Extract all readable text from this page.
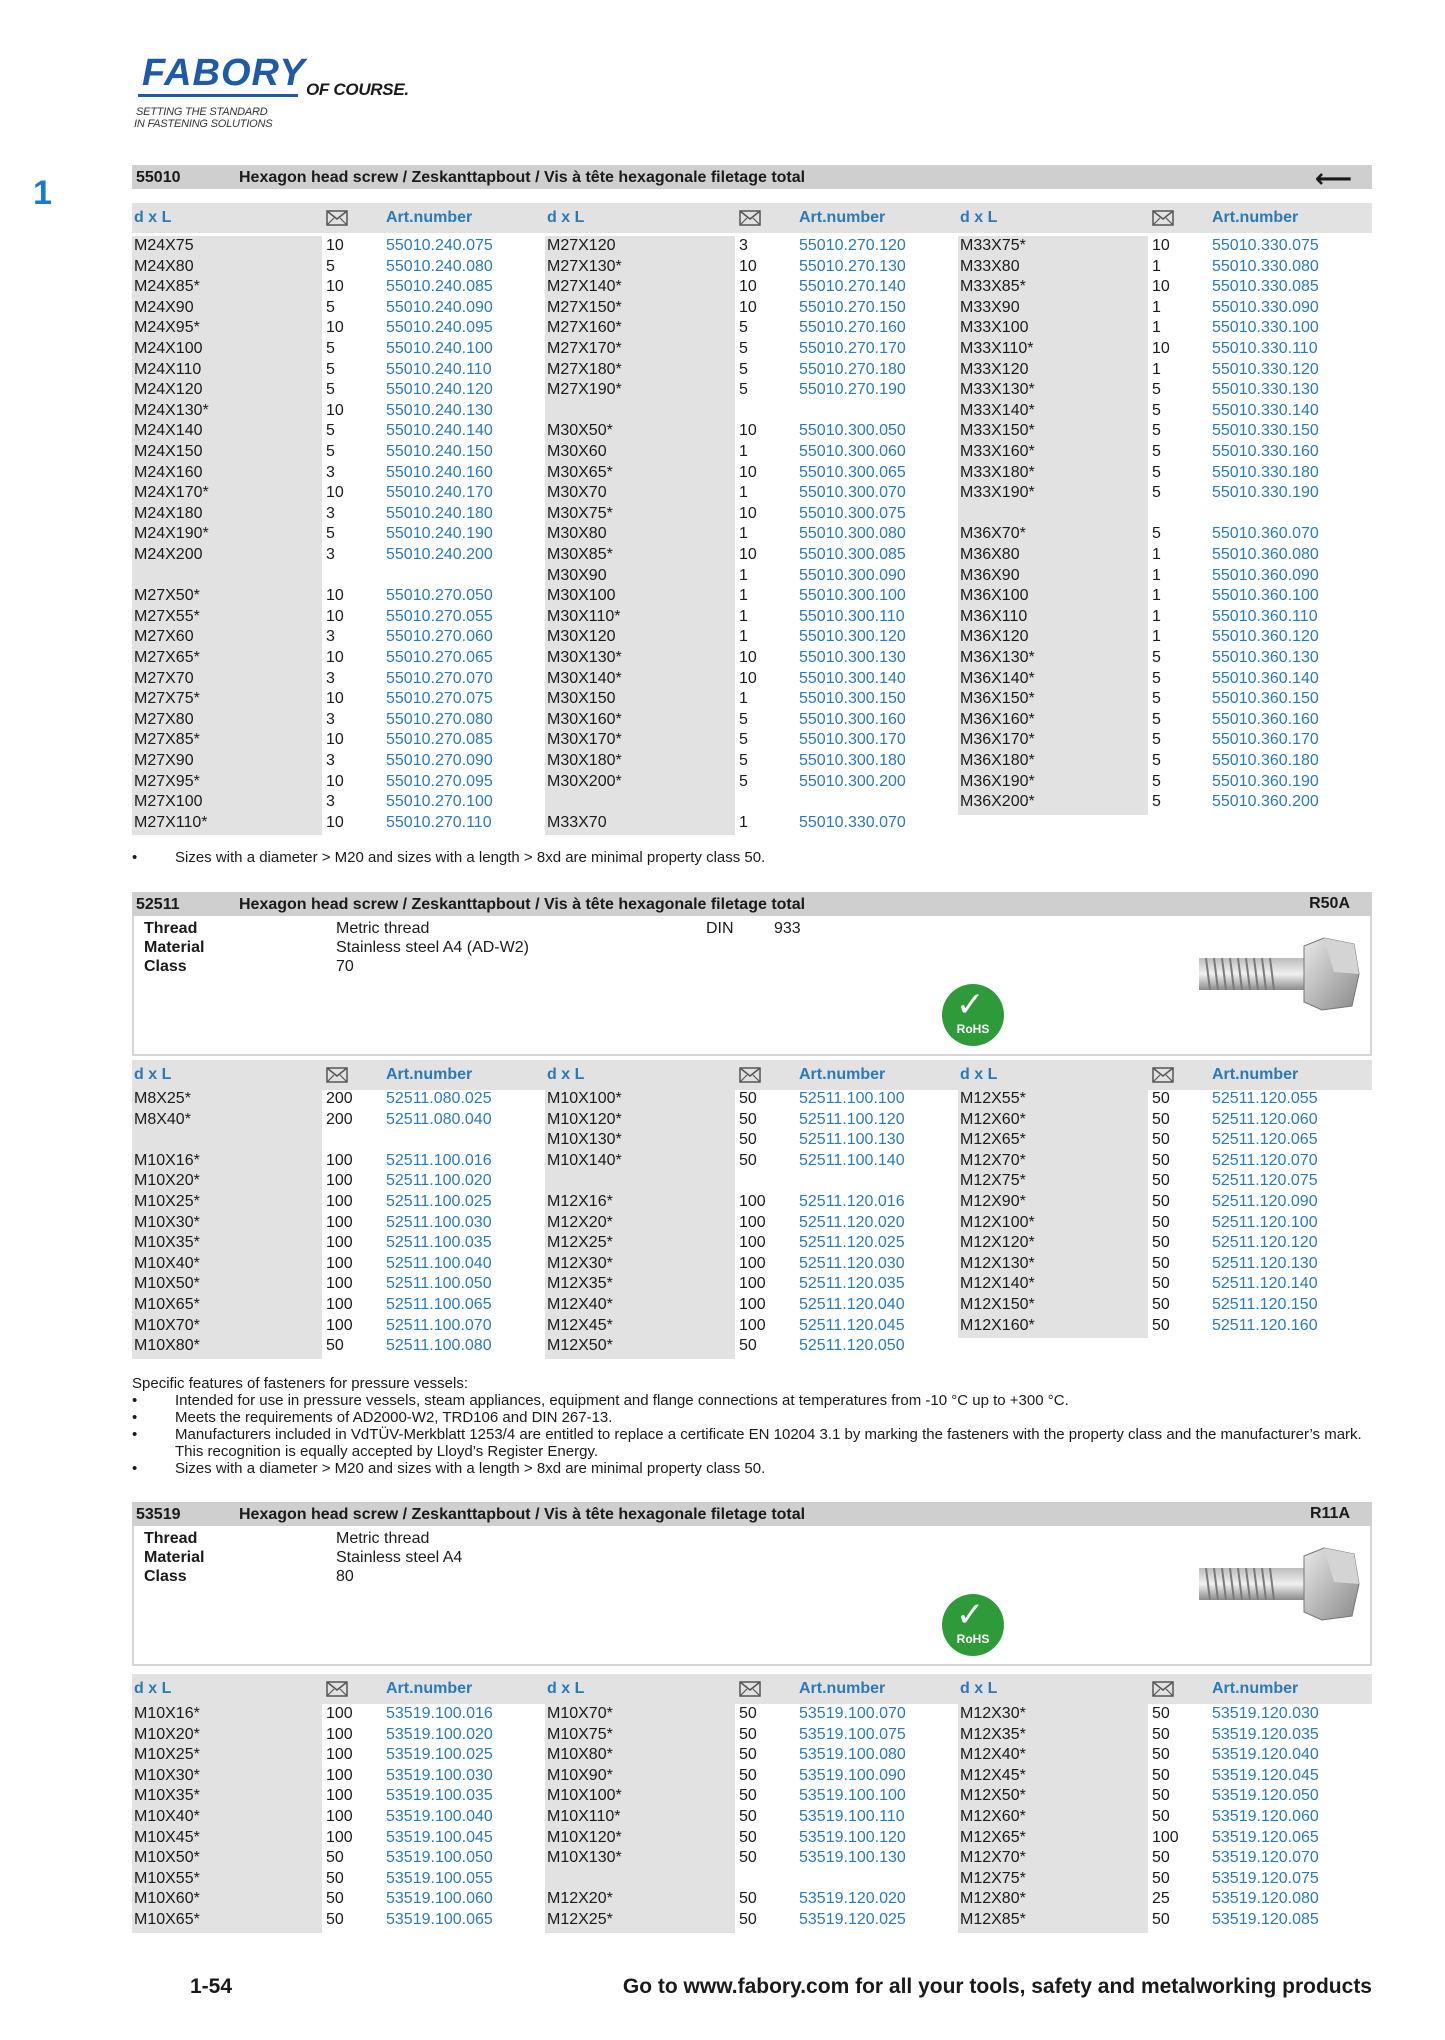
FABORY OF COURSE.
SETTING THE STANDARD
IN FASTENING SOLUTIONS
1	55010	Hexagon head screw / Zeskanttapbout / Vis à tête hexagonale filetage total	⟵
d x L	Art.number	d x L	Art.number	d x L	Art.number
M24X75	10	55010.240.075
M24X80	5	55010.240.080
M24X85*	10	55010.240.085
M24X90	5	55010.240.090
M24X95*	10	55010.240.095
M24X100	5	55010.240.100
M24X110	5	55010.240.110
M24X120	5	55010.240.120
M24X130*	10	55010.240.130
M24X140	5	55010.240.140
M24X150	5	55010.240.150
M24X160	3	55010.240.160
M24X170*	10	55010.240.170
M24X180	3	55010.240.180
M24X190*	5	55010.240.190
M24X200	3	55010.240.200
M27X50*	10	55010.270.050
M27X55*	10	55010.270.055
M27X60	3	55010.270.060
M27X65*	10	55010.270.065
M27X70	3	55010.270.070
M27X75*	10	55010.270.075
M27X80	3	55010.270.080
M27X85*	10	55010.270.085
M27X90	3	55010.270.090
M27X95*	10	55010.270.095
M27X100	3	55010.270.100
M27X110*	10	55010.270.110
M27X120	3	55010.270.120
M27X130*	10	55010.270.130
M27X140*	10	55010.270.140
M27X150*	10	55010.270.150
M27X160*	5	55010.270.160
M27X170*	5	55010.270.170
M27X180*	5	55010.270.180
M27X190*	5	55010.270.190
M30X50*	10	55010.300.050
M30X60	1	55010.300.060
M30X65*	10	55010.300.065
M30X70	1	55010.300.070
M30X75*	10	55010.300.075
M30X80	1	55010.300.080
M30X85*	10	55010.300.085
M30X90	1	55010.300.090
M30X100	1	55010.300.100
M30X110*	1	55010.300.110
M30X120	1	55010.300.120
M30X130*	10	55010.300.130
M30X140*	10	55010.300.140
M30X150	1	55010.300.150
M30X160*	5	55010.300.160
M30X170*	5	55010.300.170
M30X180*	5	55010.300.180
M30X200*	5	55010.300.200
M33X70	1	55010.330.070
M33X75*	10	55010.330.075
M33X80	1	55010.330.080
M33X85*	10	55010.330.085
M33X90	1	55010.330.090
M33X100	1	55010.330.100
M33X110*	10	55010.330.110
M33X120	1	55010.330.120
M33X130*	5	55010.330.130
M33X140*	5	55010.330.140
M33X150*	5	55010.330.150
M33X160*	5	55010.330.160
M33X180*	5	55010.330.180
M33X190*	5	55010.330.190
M36X70*	5	55010.360.070
M36X80	1	55010.360.080
M36X90	1	55010.360.090
M36X100	1	55010.360.100
M36X110	1	55010.360.110
M36X120	1	55010.360.120
M36X130*	5	55010.360.130
M36X140*	5	55010.360.140
M36X150*	5	55010.360.150
M36X160*	5	55010.360.160
M36X170*	5	55010.360.170
M36X180*	5	55010.360.180
M36X190*	5	55010.360.190
M36X200*	5	55010.360.200
•	Sizes with a diameter > M20 and sizes with a length > 8xd are minimal property class 50.
52511	Hexagon head screw / Zeskanttapbout / Vis à tête hexagonale filetage total	R50A
Thread	Metric thread	DIN	933
Material	Stainless steel A4 (AD-W2)
Class	70
✓
RoHS
d x L	Art.number	d x L	Art.number	d x L	Art.number
M8X25*	200 52511.080.025
M8X40*	200 52511.080.040
M10X16*	100 52511.100.016
M10X20*	100 52511.100.020
M10X25*	100 52511.100.025
M10X30*	100 52511.100.030
M10X35*	100 52511.100.035
M10X40*	100 52511.100.040
M10X50*	100 52511.100.050
M10X65*	100 52511.100.065
M10X70*	100 52511.100.070
M10X80*	50	52511.100.080
M10X100*	50	52511.100.100
M10X120*	50	52511.100.120
M10X130*	50	52511.100.130
M10X140*	50	52511.100.140
M12X16*	100 52511.120.016
M12X20*	100 52511.120.020
M12X25*	100 52511.120.025
M12X30*	100 52511.120.030
M12X35*	100 52511.120.035
M12X40*	100 52511.120.040
M12X45*	100 52511.120.045
M12X50*	50	52511.120.050
M12X55*	50	52511.120.055
M12X60*	50	52511.120.060
M12X65*	50	52511.120.065
M12X70*	50	52511.120.070
M12X75*	50	52511.120.075
M12X90*	50	52511.120.090
M12X100*	50	52511.120.100
M12X120*	50	52511.120.120
M12X130*	50	52511.120.130
M12X140*	50	52511.120.140
M12X150*	50	52511.120.150
M12X160*	50	52511.120.160
Specific features of fasteners for pressure vessels:
•	Intended for use in pressure vessels, steam appliances, equipment and flange connections at temperatures from -10 °C up to +300 °C.
•	Meets the requirements of AD2000-W2, TRD106 and DIN 267-13.
•	Manufacturers included in VdTÜV-Merkblatt 1253/4 are entitled to replace a certificate EN 10204 3.1 by marking the fasteners with the property class and the manufacturer’s mark. This recognition is equally accepted by Lloyd’s Register Energy.
•	Sizes with a diameter > M20 and sizes with a length > 8xd are minimal property class 50.
53519	Hexagon head screw / Zeskanttapbout / Vis à tête hexagonale filetage total	R11A
Thread	Metric thread
Material	Stainless steel A4
Class	80
✓
RoHS
d x L	Art.number	d x L	Art.number	d x L	Art.number
M10X16*	100 53519.100.016
M10X20*	100 53519.100.020
M10X25*	100 53519.100.025
M10X30*	100 53519.100.030
M10X35*	100 53519.100.035
M10X40*	100 53519.100.040
M10X45*	100 53519.100.045
M10X50*	50	53519.100.050
M10X55*	50	53519.100.055
M10X60*	50	53519.100.060
M10X65*	50	53519.100.065
M10X70*	50	53519.100.070
M10X75*	50	53519.100.075
M10X80*	50	53519.100.080
M10X90*	50	53519.100.090
M10X100*	50	53519.100.100
M10X110*	50	53519.100.110
M10X120*	50	53519.100.120
M10X130*	50	53519.100.130
M12X20*	50	53519.120.020
M12X25*	50	53519.120.025
M12X30*	50	53519.120.030
M12X35*	50	53519.120.035
M12X40*	50	53519.120.040
M12X45*	50	53519.120.045
M12X50*	50	53519.120.050
M12X60*	50	53519.120.060
M12X65*	100 53519.120.065
M12X70*	50	53519.120.070
M12X75*	50	53519.120.075
M12X80*	25	53519.120.080
M12X85*	50	53519.120.085
1-54	Go to www.fabory.com for all your tools, safety and metalworking products
